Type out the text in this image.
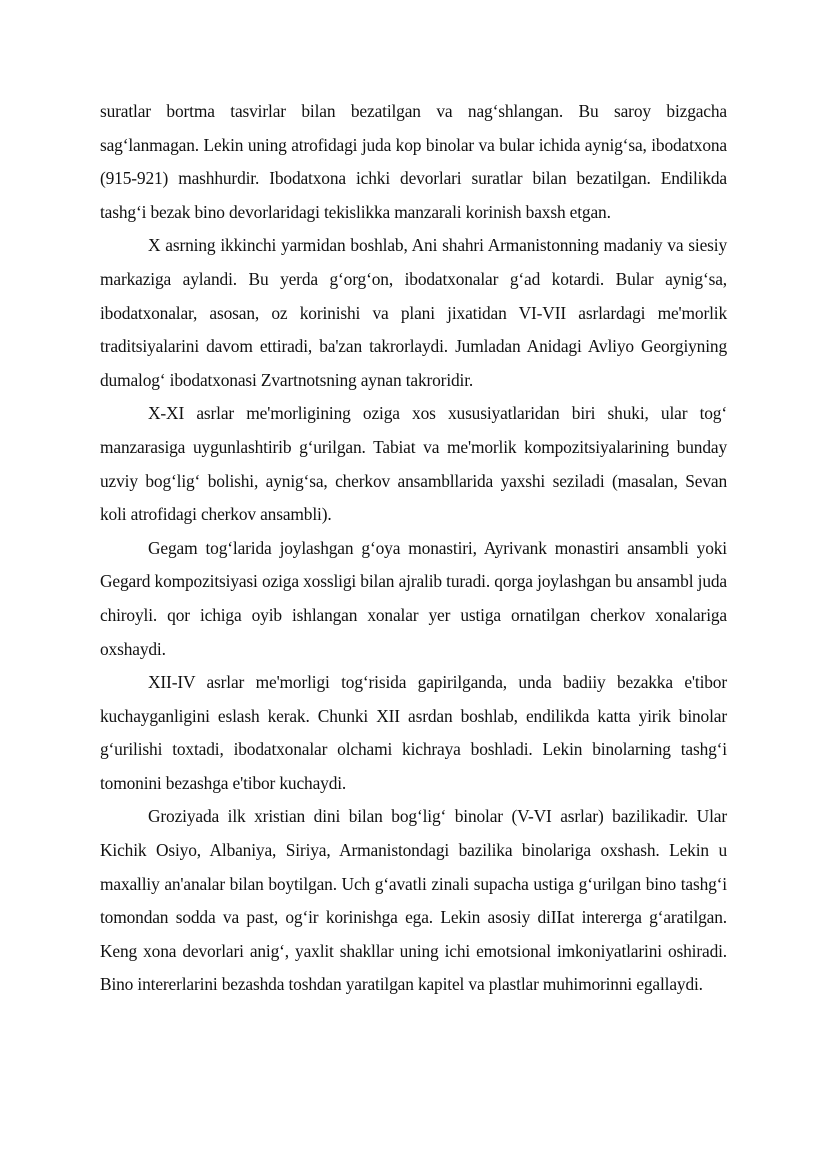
suratlar bortma tasvirlar bilan bezatilgan va nag‘shlangan. Bu saroy bizgacha sag‘lanmagan. Lekin uning atrofidagi juda kop binolar va bular ichida aynig‘sa, ibodatxona (915-921) mashhurdir. Ibodatxona ichki devorlari suratlar bilan bezatilgan. Endilikda tashg‘i bezak bino devorlaridagi tekislikka manzarali korinish baxsh etgan.

X asrning ikkinchi yarmidan boshlab, Ani shahri Armanistonning madaniy va siesiy markaziga aylandi. Bu yerda g‘org‘on, ibodatxonalar g‘ad kotardi. Bular aynig‘sa, ibodatxonalar, asosan, oz korinishi va plani jixatidan VI-VII asrlardagi me'morlik traditsiyalarini davom ettiradi, ba'zan takrorlaydi. Jumladan Anidagi Avliyo Georgiyning dumalog‘ ibodatxonasi Zvartnotsning aynan takroridir.

X-XI asrlar me'morligining oziga xos xususiyatlaridan biri shuki, ular tog‘ manzarasiga uygunlashtirib g‘urilgan. Tabiat va me'morlik kompozitsiyalarining bunday uzviy bog‘lig‘ bolishi, aynig‘sa, cherkov ansambllarida yaxshi seziladi (masalan, Sevan koli atrofidagi cherkov ansambli).

Gegam tog‘larida joylashgan g‘oya monastiri, Ayrivank monastiri ansambli yoki Gegard kompozitsiyasi oziga xossligi bilan ajralib turadi. qorga joylashgan bu ansambl juda chiroyli. qor ichiga oyib ishlangan xonalar yer ustiga ornatilgan cherkov xonalariga oxshaydi.

XII-IV asrlar me'morligi tog‘risida gapirilganda, unda badiiy bezakka e'tibor kuchayganligini eslash kerak. Chunki XII asrdan boshlab, endilikda katta yirik binolar g‘urilishi toxtadi, ibodatxonalar olchami kichraya boshladi. Lekin binolarning tashg‘i tomonini bezashga e'tibor kuchaydi.

Groziyada ilk xristian dini bilan bog‘lig‘ binolar (V-VI asrlar) bazilikadir. Ular Kichik Osiyo, Albaniya, Siriya, Armanistondagi bazilika binolariga oxshash. Lekin u maxalliy an'analar bilan boytilgan. Uch g‘avatli zinali supacha ustiga g‘urilgan bino tashg‘i tomondan sodda va past, og‘ir korinishga ega. Lekin asosiy diIIat intererga g‘aratilgan. Keng xona devorlari anig‘, yaxlit shakllar uning ichi emotsional imkoniyatlarini oshiradi. Bino intererlarini bezashda toshdan yaratilgan kapitel va plastlar muhimorinni egallaydi.
